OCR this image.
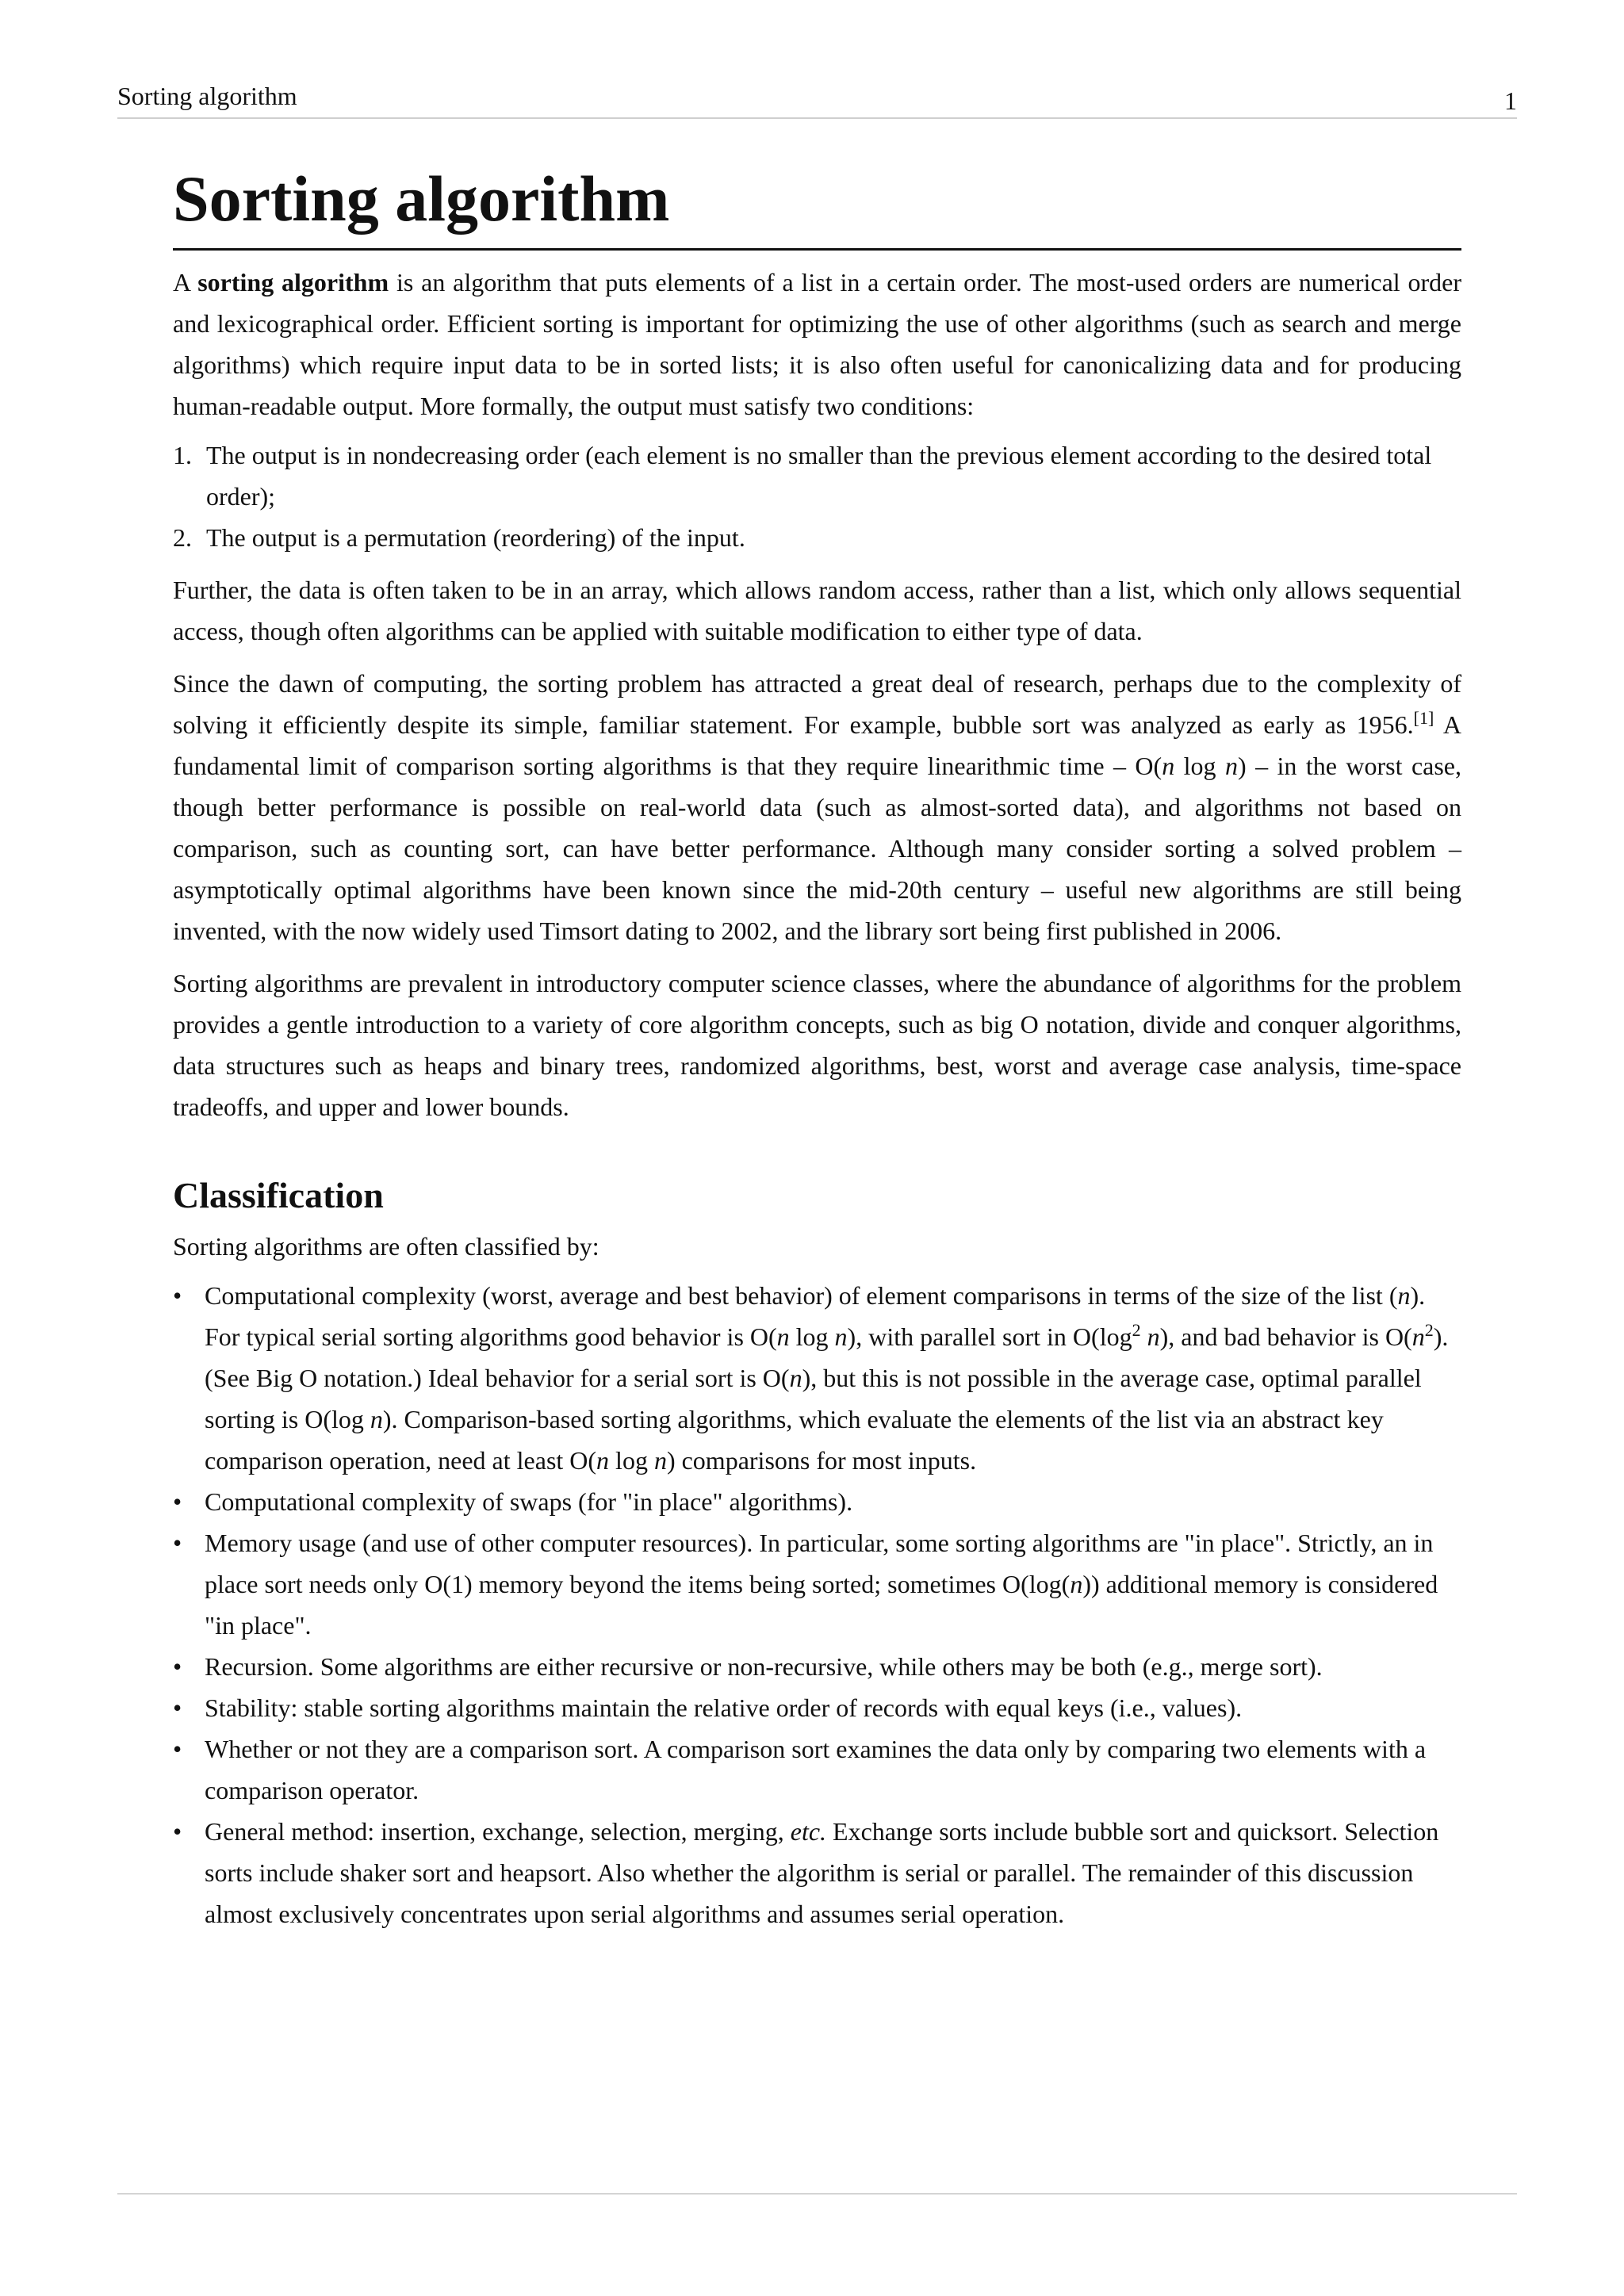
Sorting algorithm	1
Sorting algorithm

A sorting algorithm is an algorithm that puts elements of a list in a certain order. The most-used orders are numerical order and lexicographical order. Efficient sorting is important for optimizing the use of other algorithms (such as search and merge algorithms) which require input data to be in sorted lists; it is also often useful for canonicalizing data and for producing human-readable output. More formally, the output must satisfy two conditions:

1. The output is in nondecreasing order (each element is no smaller than the previous element according to the desired total order);
2. The output is a permutation (reordering) of the input.

Further, the data is often taken to be in an array, which allows random access, rather than a list, which only allows sequential access, though often algorithms can be applied with suitable modification to either type of data.

Since the dawn of computing, the sorting problem has attracted a great deal of research, perhaps due to the complexity of solving it efficiently despite its simple, familiar statement. For example, bubble sort was analyzed as early as 1956.[1] A fundamental limit of comparison sorting algorithms is that they require linearithmic time – O(n log n) – in the worst case, though better performance is possible on real-world data (such as almost-sorted data), and algorithms not based on comparison, such as counting sort, can have better performance. Although many consider sorting a solved problem – asymptotically optimal algorithms have been known since the mid-20th century – useful new algorithms are still being invented, with the now widely used Timsort dating to 2002, and the library sort being first published in 2006.

Sorting algorithms are prevalent in introductory computer science classes, where the abundance of algorithms for the problem provides a gentle introduction to a variety of core algorithm concepts, such as big O notation, divide and conquer algorithms, data structures such as heaps and binary trees, randomized algorithms, best, worst and average case analysis, time-space tradeoffs, and upper and lower bounds.

Classification

Sorting algorithms are often classified by:

• Computational complexity (worst, average and best behavior) of element comparisons in terms of the size of the list (n). For typical serial sorting algorithms good behavior is O(n log n), with parallel sort in $O(\log^2$ n), and bad behavior is $O(n^2)$. (See Big O notation.) Ideal behavior for a serial sort is O(n), but this is not possible in the average case, optimal parallel sorting is O(log n). Comparison-based sorting algorithms, which evaluate the elements of the list via an abstract key comparison operation, need at least O(n log n) comparisons for most inputs.
• Computational complexity of swaps (for "in place" algorithms).
• Memory usage (and use of other computer resources). In particular, some sorting algorithms are "in place". Strictly, an in place sort needs only O(1) memory beyond the items being sorted; sometimes O(log(n)) additional memory is considered "in place".
• Recursion. Some algorithms are either recursive or non-recursive, while others may be both (e.g., merge sort).
• Stability: stable sorting algorithms maintain the relative order of records with equal keys (i.e., values).
• Whether or not they are a comparison sort. A comparison sort examines the data only by comparing two elements with a comparison operator.
• General method: insertion, exchange, selection, merging, etc. Exchange sorts include bubble sort and quicksort. Selection sorts include shaker sort and heapsort. Also whether the algorithm is serial or parallel. The remainder of this discussion almost exclusively concentrates upon serial algorithms and assumes serial operation.
